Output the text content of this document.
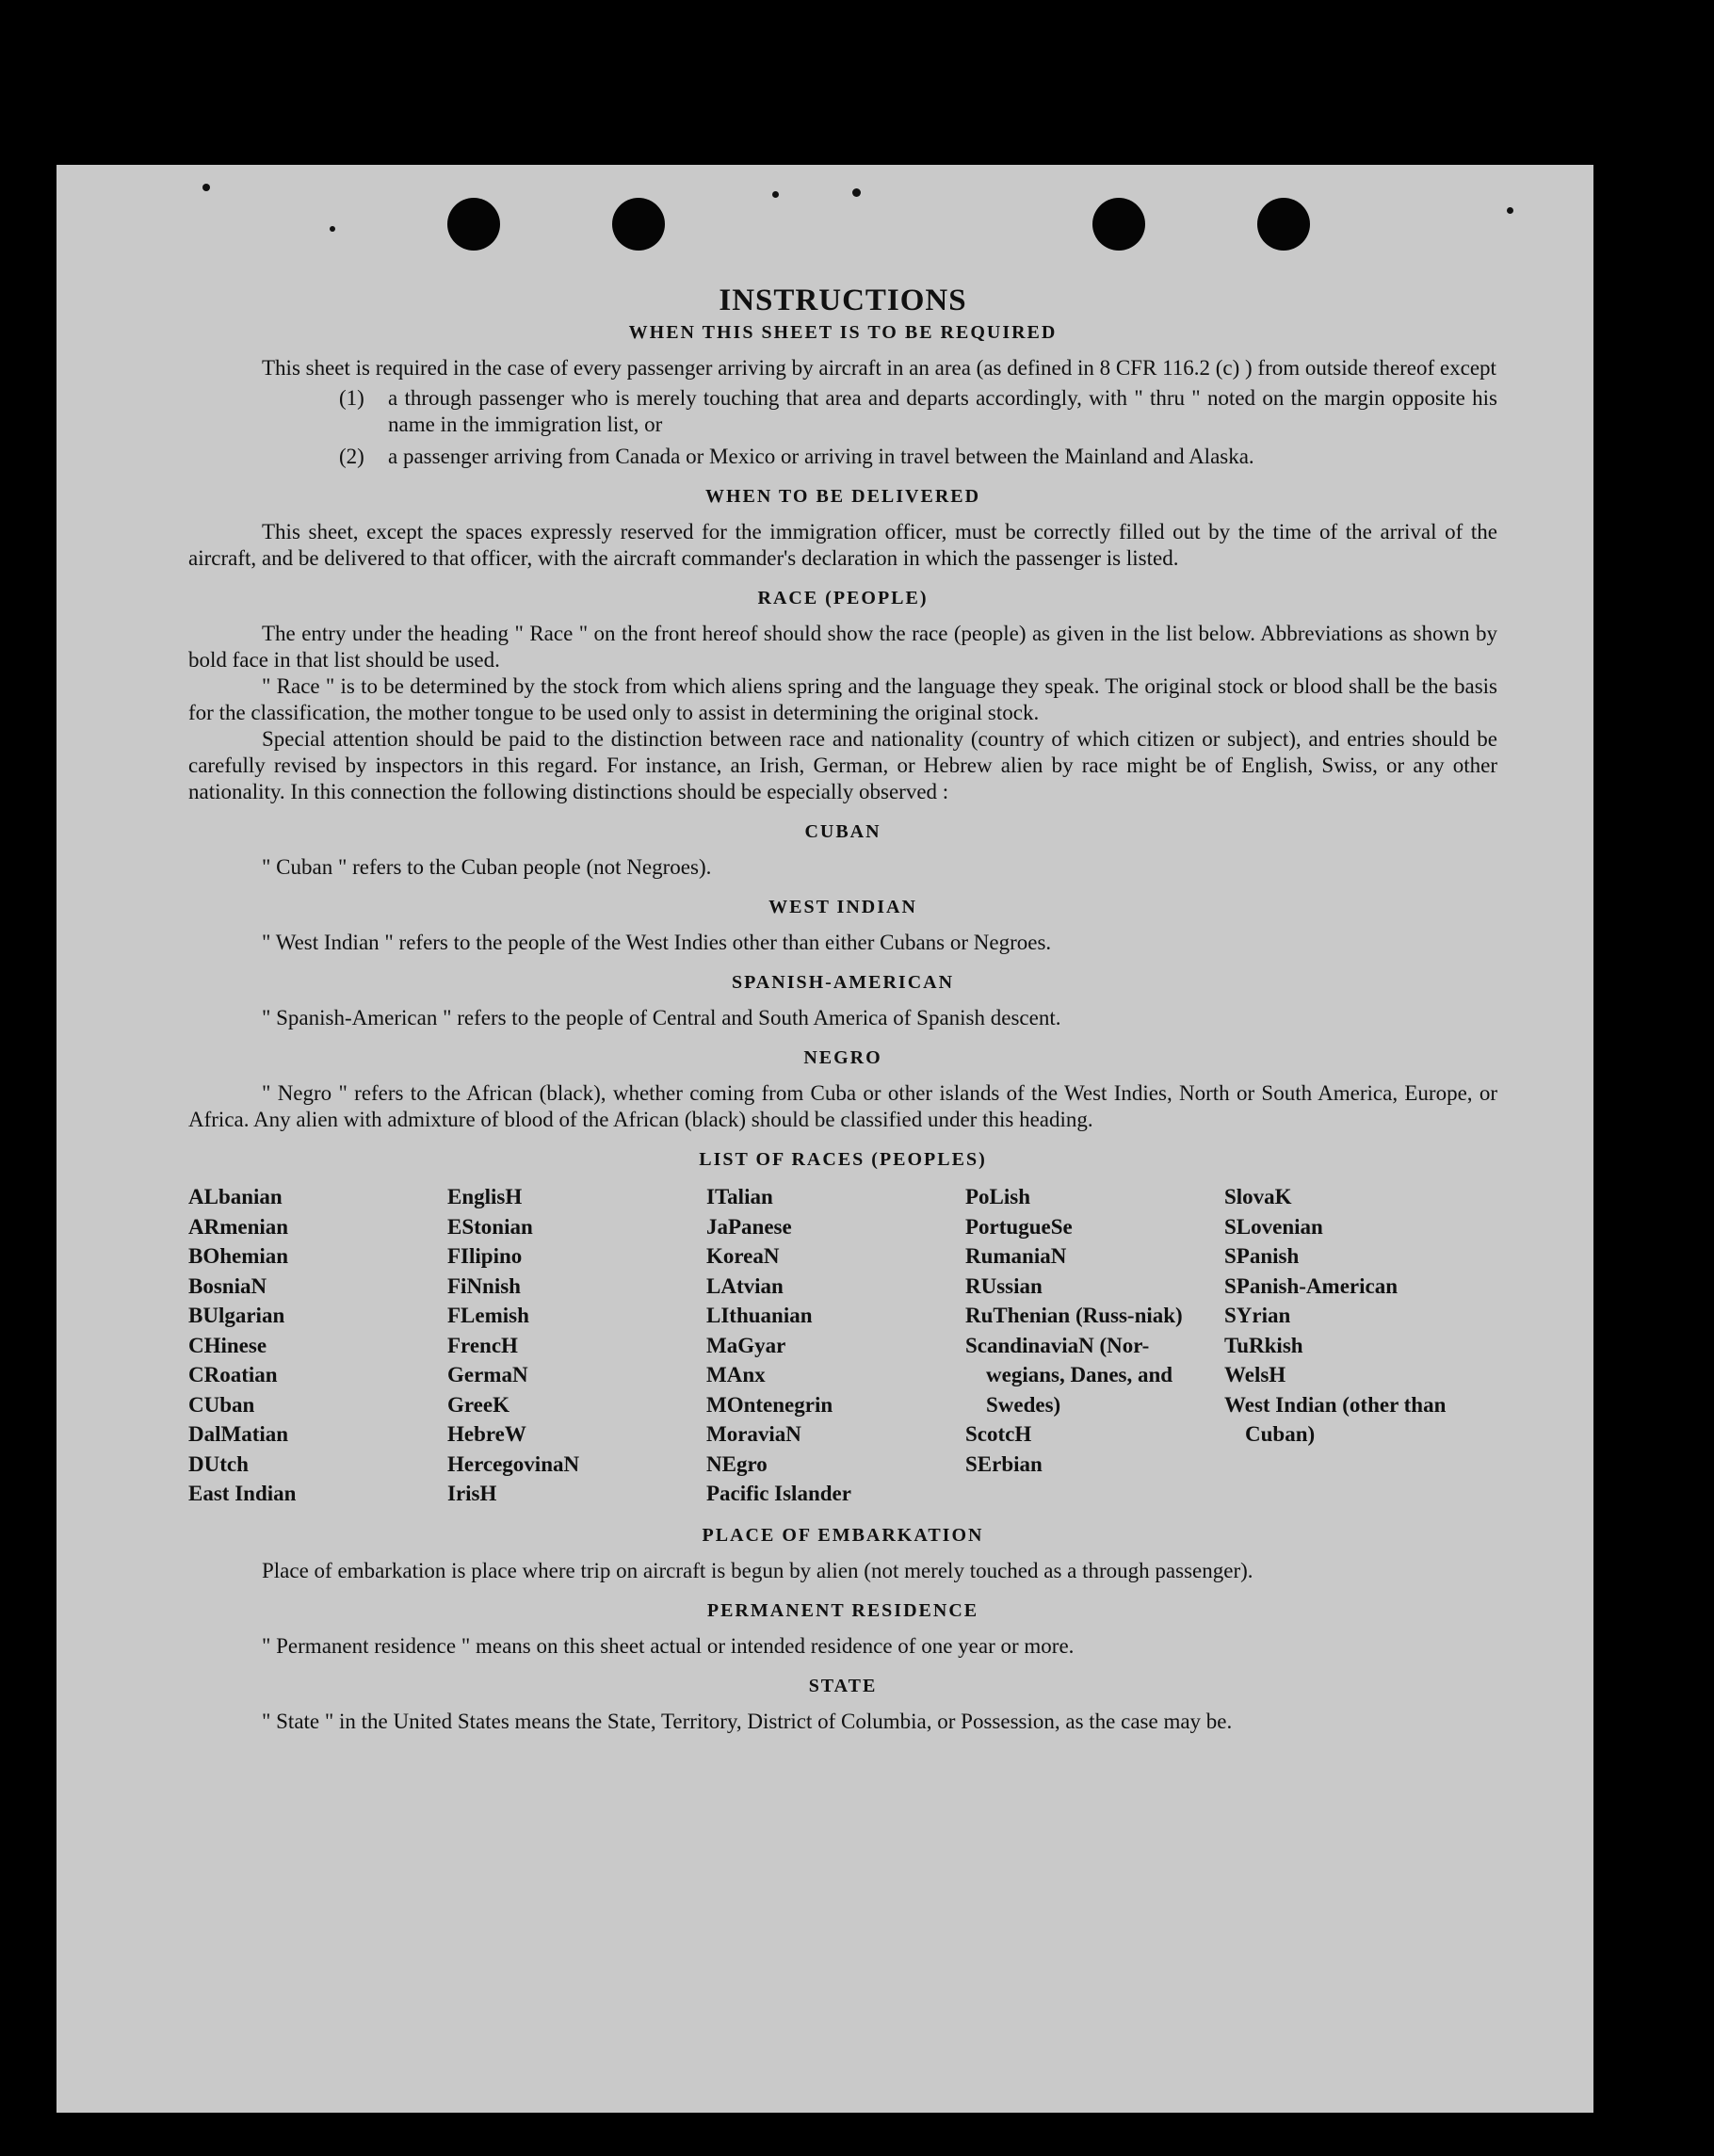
INSTRUCTIONS
WHEN THIS SHEET IS TO BE REQUIRED

This sheet is required in the case of every passenger arriving by aircraft in an area (as defined in 8 CFR 116.2 (c) ) from outside thereof except

(1)	a through passenger who is merely touching that area and departs accordingly, with " thru " noted on the margin opposite his name in the immigration list, or
(2)	a passenger arriving from Canada or Mexico or arriving in travel between the Mainland and Alaska.
WHEN TO BE DELIVERED

This sheet, except the spaces expressly reserved for the immigration officer, must be correctly filled out by the time of the arrival of the aircraft, and be delivered to that officer, with the aircraft commander's declaration in which the passenger is listed.

RACE (PEOPLE)

The entry under the heading " Race " on the front hereof should show the race (people) as given in the list below. Abbreviations as shown by bold face in that list should be used.

" Race " is to be determined by the stock from which aliens spring and the language they speak. The original stock or blood shall be the basis for the classification, the mother tongue to be used only to assist in determining the original stock.

Special attention should be paid to the distinction between race and nationality (country of which citizen or subject), and entries should be carefully revised by inspectors in this regard. For instance, an Irish, German, or Hebrew alien by race might be of English, Swiss, or any other nationality. In this connection the following distinctions should be especially observed :

CUBAN

" Cuban " refers to the Cuban people (not Negroes).

WEST INDIAN

" West Indian " refers to the people of the West Indies other than either Cubans or Negroes.

SPANISH-AMERICAN

" Spanish-American " refers to the people of Central and South America of Spanish descent.

NEGRO

" Negro " refers to the African (black), whether coming from Cuba or other islands of the West Indies, North or South America, Europe, or Africa. Any alien with admixture of blood of the African (black) should be classified under this heading.

LIST OF RACES (PEOPLES)
ALbanian
ARmenian
BOhemian
BosniaN
BUlgarian
CHinese
CRoatian
CUban
DalMatian
DUtch
East Indian
EnglisH
EStonian
FIlipino
FiNnish
FLemish
FrencH
GermaN
GreeK
HebreW
HercegovinaN
IrisH
ITalian
JaPanese
KoreaN
LAtvian
LIthuanian
MaGyar
MAnx
MOntenegrin
MoraviaN
NEgro
Pacific Islander
PoLish
PortugueSe
RumaniaN
RUssian
RuThenian (Russ-niak)
ScandinaviaN (Nor-wegians, Danes, and Swedes)
ScotcH
SErbian
SlovaK
SLovenian
SPanish
SPanish-American
SYrian
TuRkish
WelsH
West Indian (other than Cuban)
PLACE OF EMBARKATION

Place of embarkation is place where trip on aircraft is begun by alien (not merely touched as a through passenger).

PERMANENT RESIDENCE

" Permanent residence " means on this sheet actual or intended residence of one year or more.

STATE

" State " in the United States means the State, Territory, District of Columbia, or Possession, as the case may be.
